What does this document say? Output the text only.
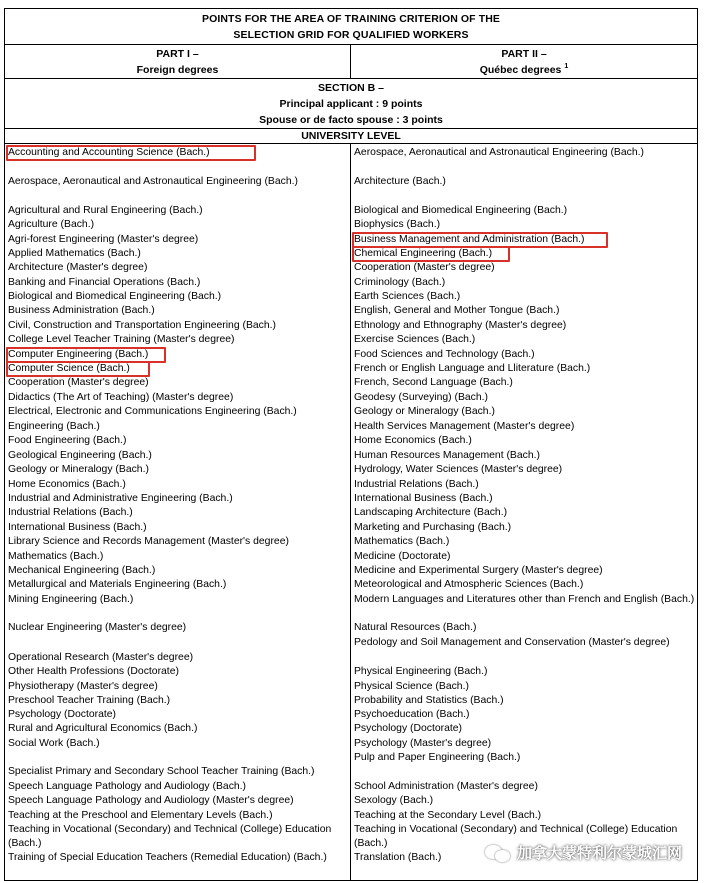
POINTS FOR THE AREA OF TRAINING CRITERION OF THE
SELECTION GRID FOR QUALIFIED WORKERS
PART I –
Foreign degrees
PART II –
Québec degrees $^1$
SECTION B –
Principal applicant : 9 points
Spouse or de facto spouse : 3 points
UNIVERSITY LEVEL
Accounting and Accounting Science (Bach.)
Aerospace, Aeronautical and Astronautical Engineering (Bach.)
Agricultural and Rural Engineering (Bach.)
Agriculture (Bach.)
Agri-forest Engineering (Master's degree)
Applied Mathematics (Bach.)
Architecture (Master's degree)
Banking and Financial Operations (Bach.)
Biological and Biomedical Engineering (Bach.)
Business Administration (Bach.)
Civil, Construction and Transportation Engineering (Bach.)
College Level Teacher Training (Master's degree)
Computer Engineering (Bach.)
Computer Science (Bach.)
Cooperation (Master's degree)
Didactics (The Art of Teaching) (Master's degree)
Electrical, Electronic and Communications Engineering (Bach.)
Engineering (Bach.)
Food Engineering (Bach.)
Geological Engineering (Bach.)
Geology or Mineralogy (Bach.)
Home Economics (Bach.)
Industrial and Administrative Engineering (Bach.)
Industrial Relations (Bach.)
International Business (Bach.)
Library Science and Records Management (Master's degree)
Mathematics (Bach.)
Mechanical Engineering (Bach.)
Metallurgical and Materials Engineering (Bach.)
Mining Engineering (Bach.)
Nuclear Engineering (Master's degree)
Operational Research (Master's degree)
Other Health Professions (Doctorate)
Physiotherapy (Master's degree)
Preschool Teacher Training (Bach.)
Psychology (Doctorate)
Rural and Agricultural Economics (Bach.)
Social Work (Bach.)
Specialist Primary and Secondary School Teacher Training (Bach.)
Speech Language Pathology and Audiology (Bach.)
Speech Language Pathology and Audiology (Master's degree)
Teaching at the Preschool and Elementary Levels (Bach.)
Teaching in Vocational (Secondary) and Technical (College) Education (Bach.)
Training of Special Education Teachers (Remedial Education) (Bach.)
Aerospace, Aeronautical and Astronautical Engineering (Bach.)
Architecture (Bach.)
Biological and Biomedical Engineering (Bach.)
Biophysics (Bach.)
Business Management and Administration (Bach.)
Chemical Engineering (Bach.)
Cooperation (Master's degree)
Criminology (Bach.)
Earth Sciences (Bach.)
English, General and Mother Tongue (Bach.)
Ethnology and Ethnography (Master's degree)
Exercise Sciences (Bach.)
Food Sciences and Technology (Bach.)
French or English Language and Lliterature (Bach.)
French, Second Language (Bach.)
Geodesy (Surveying) (Bach.)
Geology or Mineralogy (Bach.)
Health Services Management (Master's degree)
Home Economics (Bach.)
Human Resources Management (Bach.)
Hydrology, Water Sciences (Master's degree)
Industrial Relations (Bach.)
International Business (Bach.)
Landscaping Architecture (Bach.)
Marketing and Purchasing (Bach.)
Mathematics (Bach.)
Medicine (Doctorate)
Medicine and Experimental Surgery (Master's degree)
Meteorological and Atmospheric Sciences (Bach.)
Modern Languages and Literatures other than French and English (Bach.)
Natural Resources (Bach.)
Pedology and Soil Management and Conservation (Master's degree)
Physical Engineering (Bach.)
Physical Science (Bach.)
Probability and Statistics (Bach.)
Psychoeducation (Bach.)
Psychology (Doctorate)
Psychology (Master's degree)
Pulp and Paper Engineering (Bach.)
School Administration (Master's degree)
Sexology (Bach.)
Teaching at the Secondary Level (Bach.)
Teaching in Vocational (Secondary) and Technical (College) Education (Bach.)
Translation (Bach.)	加拿大蒙特利尔蒙城汇网
